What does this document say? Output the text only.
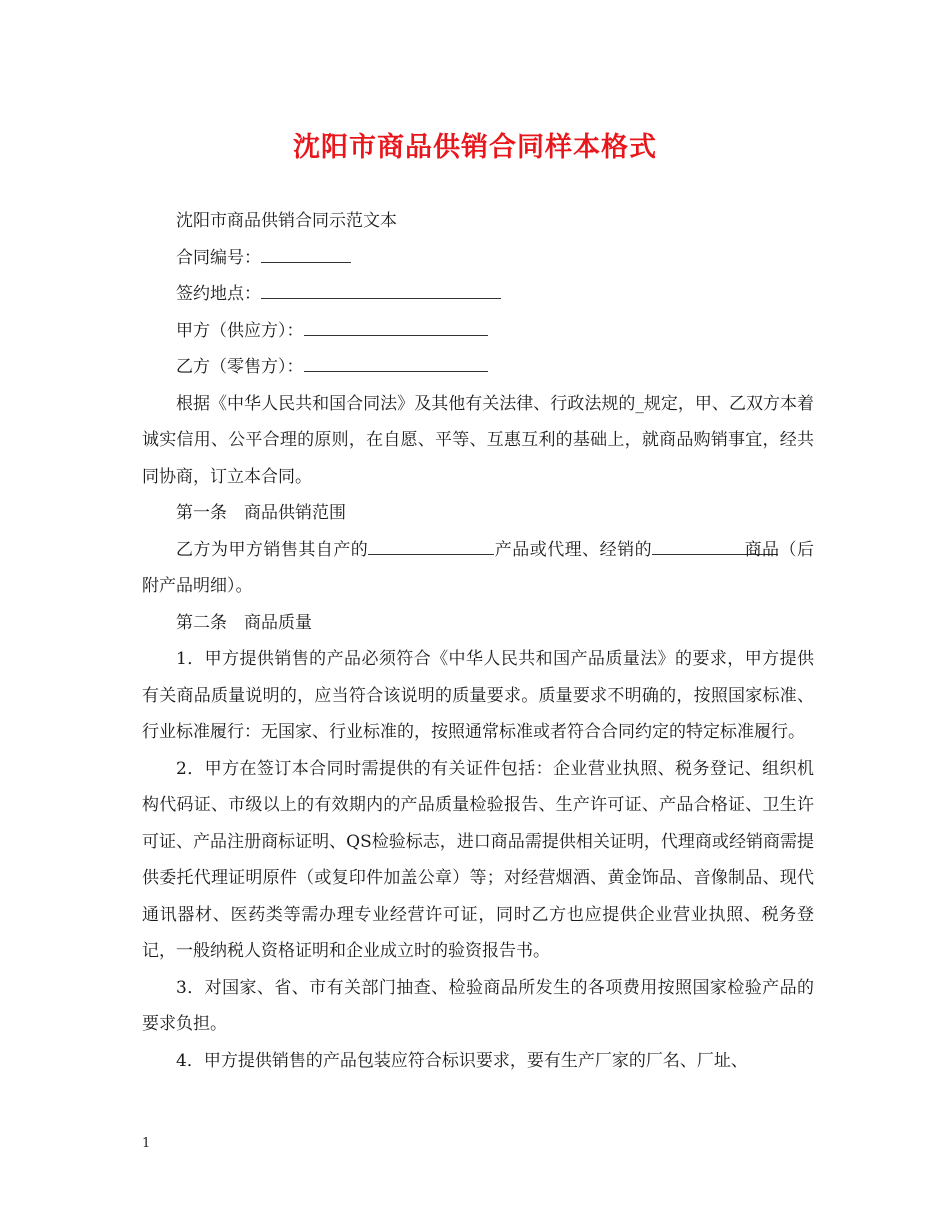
沈阳市商品供销合同样本格式

沈阳市商品供销合同示范文本

合同编号：

签约地点：

甲方（供应方）：

乙方（零售方）：

根据《中华人民共和国合同法》及其他有关法律、行政法规的_规定，甲、乙双方本着诚实信用、公平合理的原则，在自愿、平等、互惠互利的基础上，就商品购销事宜，经共同协商，订立本合同。

第一条　商品供销范围

乙方为甲方销售其自产的	产品或代理、经销的	商品（后附产品明细）。

第二条　商品质量

1．甲方提供销售的产品必须符合《中华人民共和国产品质量法》的要求，甲方提供有关商品质量说明的，应当符合该说明的质量要求。质量要求不明确的，按照国家标准、行业标准履行：无国家、行业标准的，按照通常标准或者符合合同约定的特定标准履行。

2．甲方在签订本合同时需提供的有关证件包括：企业营业执照、税务登记、组织机构代码证、市级以上的有效期内的产品质量检验报告、生产许可证、产品合格证、卫生许可证、产品注册商标证明、QS检验标志，进口商品需提供相关证明，代理商或经销商需提供委托代理证明原件（或复印件加盖公章）等；对经营烟酒、黄金饰品、音像制品、现代通讯器材、医药类等需办理专业经营许可证，同时乙方也应提供企业营业执照、税务登记，一般纳税人资格证明和企业成立时的验资报告书。

3．对国家、省、市有关部门抽查、检验商品所发生的各项费用按照国家检验产品的要求负担。

4．甲方提供销售的产品包装应符合标识要求，要有生产厂家的厂名、厂址、

1
